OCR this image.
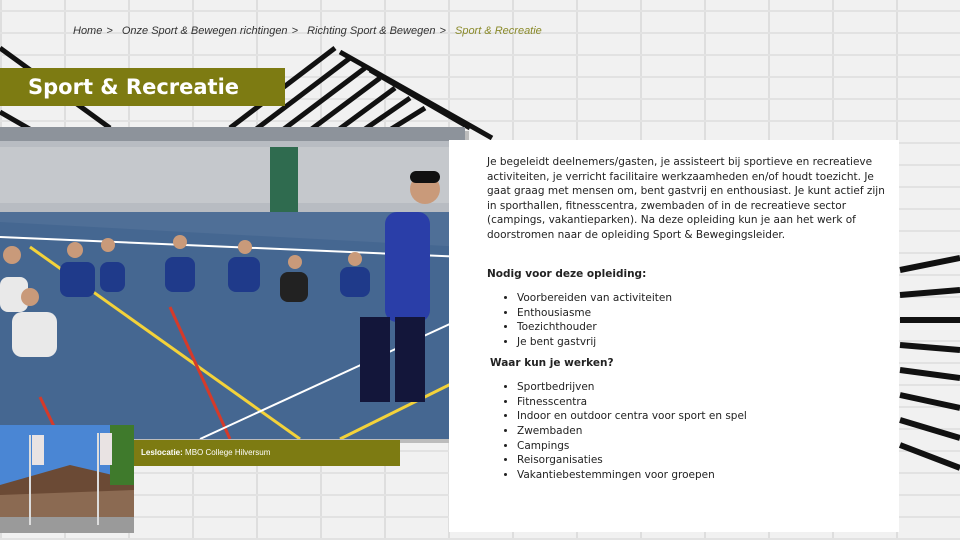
Home > Onze Sport & Bewegen richtingen > Richting Sport & Bewegen > Sport & Recreatie
Sport & Recreatie
Leslocatie: MBO College Hilversum

Je begeleidt deelnemers/gasten, je assisteert bij sportieve en recreatieve activiteiten, je verricht facilitaire werkzaamheden en/of houdt toezicht. Je gaat graag met mensen om, bent gastvrij en enthousiast. Je kunt actief zijn in sporthallen, fitnesscentra, zwembaden of in de recreatieve sector (campings, vakantieparken). Na deze opleiding kun je aan het werk of doorstromen naar de opleiding Sport & Bewegingsleider.

Nodig voor deze opleiding:
• Voorbereiden van activiteiten
• Enthousiasme
• Toezichthouder
• Je bent gastvrij
Waar kun je werken?
• Sportbedrijven
• Fitnesscentra
• Indoor en outdoor centra voor sport en spel
• Zwembaden
• Campings
• Reisorganisaties
• Vakantiebestemmingen voor groepen
